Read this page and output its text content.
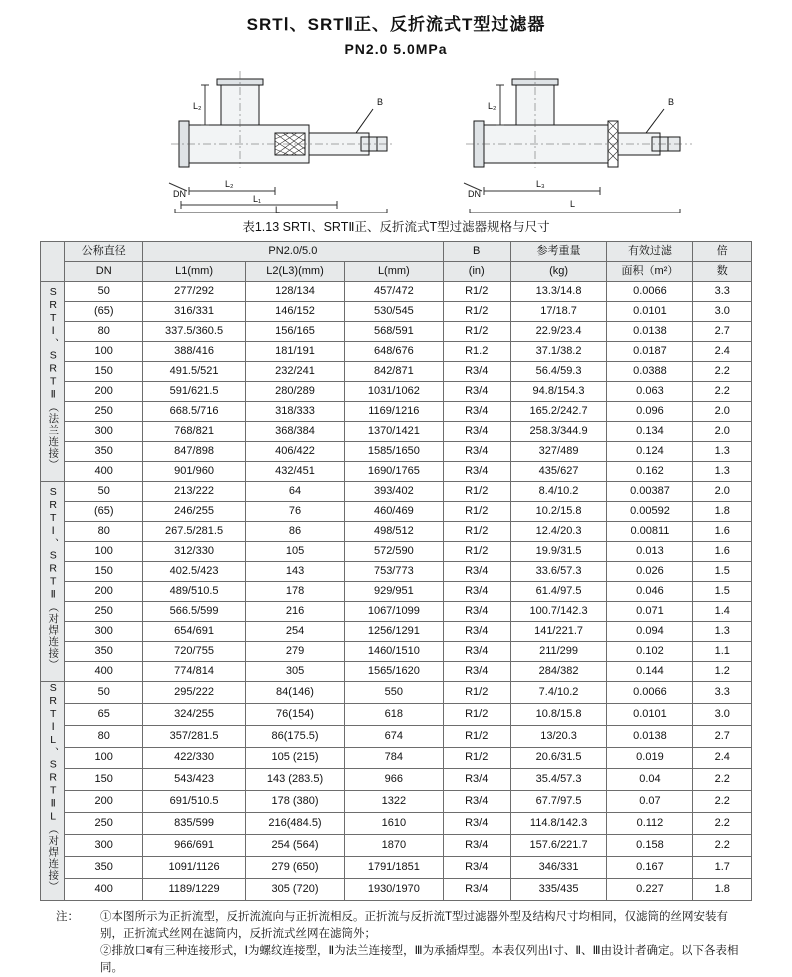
SRTⅠ、SRTⅡ正、反折流式T型过滤器
PN2.0 5.0MPa
B
L₂
DN
L₂
L₁
L
B
L₂
DN
L₃
L
表1.13 SRTⅠ、SRTⅡ正、反折流式T型过滤器规格与尺寸
	公称直径	PN2.0/5.0			B	参考重量	有效过滤	倍
	DN	L1(mm)	L2(L3)(mm)	L(mm)	(in)	(kg)	面积（m²）	数
SRTⅠ、SRTⅡ（法兰连接）	50	277/292	128/134	457/472	R1/2	13.3/14.8	0.0066	3.3
	(65)	316/331	146/152	530/545	R1/2	17/18.7	0.0101	3.0
	80	337.5/360.5	156/165	568/591	R1/2	22.9/23.4	0.0138	2.7
	100	388/416	181/191	648/676	R1.2	37.1/38.2	0.0187	2.4
	150	491.5/521	232/241	842/871	R3/4	56.4/59.3	0.0388	2.2
	200	591/621.5	280/289	1031/1062	R3/4	94.8/154.3	0.063	2.2
	250	668.5/716	318/333	1169/1216	R3/4	165.2/242.7	0.096	2.0
	300	768/821	368/384	1370/1421	R3/4	258.3/344.9	0.134	2.0
	350	847/898	406/422	1585/1650	R3/4	327/489	0.124	1.3
	400	901/960	432/451	1690/1765	R3/4	435/627	0.162	1.3
SRTⅠ、SRTⅡ（对焊连接）	50	213/222	64	393/402	R1/2	8.4/10.2	0.00387	2.0
	(65)	246/255	76	460/469	R1/2	10.2/15.8	0.00592	1.8
	80	267.5/281.5	86	498/512	R1/2	12.4/20.3	0.00811	1.6
	100	312/330	105	572/590	R1/2	19.9/31.5	0.013	1.6
	150	402.5/423	143	753/773	R3/4	33.6/57.3	0.026	1.5
	200	489/510.5	178	929/951	R3/4	61.4/97.5	0.046	1.5
	250	566.5/599	216	1067/1099	R3/4	100.7/142.3	0.071	1.4
	300	654/691	254	1256/1291	R3/4	141/221.7	0.094	1.3
	350	720/755	279	1460/1510	R3/4	211/299	0.102	1.1
	400	774/814	305	1565/1620	R3/4	284/382	0.144	1.2
SRTⅠL、SRTⅡL（对焊连接）	50	295/222	84(146)	550	R1/2	7.4/10.2	0.0066	3.3
	65	324/255	76(154)	618	R1/2	10.8/15.8	0.0101	3.0
	80	357/281.5	86(175.5)	674	R1/2	13/20.3	0.0138	2.7
	100	422/330	105 (215)	784	R1/2	20.6/31.5	0.019	2.4
	150	543/423	143 (283.5)	966	R3/4	35.4/57.3	0.04	2.2
	200	691/510.5	178 (380)	1322	R3/4	67.7/97.5	0.07	2.2
	250	835/599	216(484.5)	1610	R3/4	114.8/142.3	0.112	2.2
	300	966/691	254 (564)	1870	R3/4	157.6/221.7	0.158	2.2
	350	1091/1126	279 (650)	1791/1851	R3/4	346/331	0.167	1.7
	400	1189/1229	305 (720)	1930/1970	R3/4	335/435	0.227	1.8
注：	①本图所示为正折流型，反折流流向与正折流相反。正折流与反折流T型过滤器外型及结构尺寸均相同，仅滤筒的丝网安装有别，正折流式丝网在滤筒内，反折流式丝网在滤筒外；

②排放口ब有三种连接形式，Ⅰ为螺纹连接型，Ⅱ为法兰连接型，Ⅲ为承插焊型。本表仅列出Ⅰ寸、Ⅱ、Ⅲ由设计者确定。以下各表相同。
